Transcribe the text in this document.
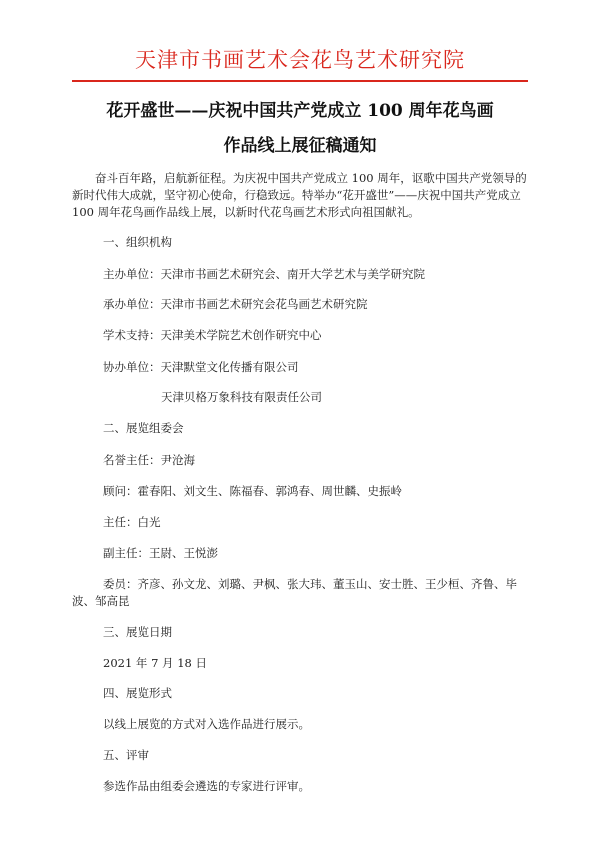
天津市书画艺术会花鸟艺术研究院
花开盛世——庆祝中国共产党成立 100 周年花鸟画
作品线上展征稿通知
奋斗百年路，启航新征程。为庆祝中国共产党成立 100 周年，讴歌中国共产党领导的新时代伟大成就，坚守初心使命，行稳致远。特举办“花开盛世”——庆祝中国共产党成立 100 周年花鸟画作品线上展，以新时代花鸟画艺术形式向祖国献礼。
一、组织机构
主办单位：天津市书画艺术研究会、南开大学艺术与美学研究院
承办单位：天津市书画艺术研究会花鸟画艺术研究院
学术支持：天津美术学院艺术创作研究中心
协办单位：天津默堂文化传播有限公司
天津贝格万象科技有限责任公司
二、展览组委会
名誉主任：尹沧海
顾问：霍春阳、刘文生、陈福春、郭鸿春、周世麟、史振岭
主任：白光
副主任：王尉、王悦澎
委员：齐彦、孙文龙、刘璐、尹枫、张大玮、董玉山、安士胜、王少桓、齐鲁、毕
波、邹高昆
三、展览日期
2021 年 7 月 18 日
四、展览形式
以线上展览的方式对入选作品进行展示。
五、评审
参选作品由组委会遴选的专家进行评审。
